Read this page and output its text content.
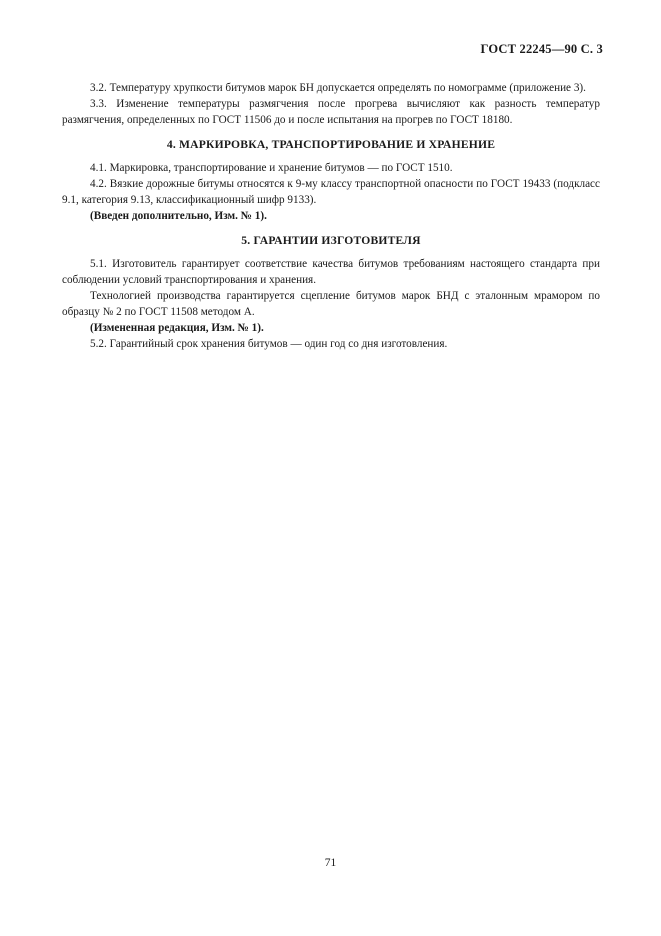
ГОСТ 22245—90 С. 3

3.2. Температуру хрупкости битумов марок БН допускается определять по номограмме (приложение 3).

3.3. Изменение температуры размягчения после прогрева вычисляют как разность температур размягчения, определенных по ГОСТ 11506 до и после испытания на прогрев по ГОСТ 18180.

4. МАРКИРОВКА, ТРАНСПОРТИРОВАНИЕ И ХРАНЕНИЕ

4.1. Маркировка, транспортирование и хранение битумов — по ГОСТ 1510.

4.2. Вязкие дорожные битумы относятся к 9-му классу транспортной опасности по ГОСТ 19433 (подкласс 9.1, категория 9.13, классификационный шифр 9133).

(Введен дополнительно, Изм. № 1).

5. ГАРАНТИИ ИЗГОТОВИТЕЛЯ

5.1. Изготовитель гарантирует соответствие качества битумов требованиям настоящего стандарта при соблюдении условий транспортирования и хранения.

Технологией производства гарантируется сцепление битумов марок БНД с эталонным мрамором по образцу № 2 по ГОСТ 11508 методом А.

(Измененная редакция, Изм. № 1).

5.2. Гарантийный срок хранения битумов — один год со дня изготовления.

71
